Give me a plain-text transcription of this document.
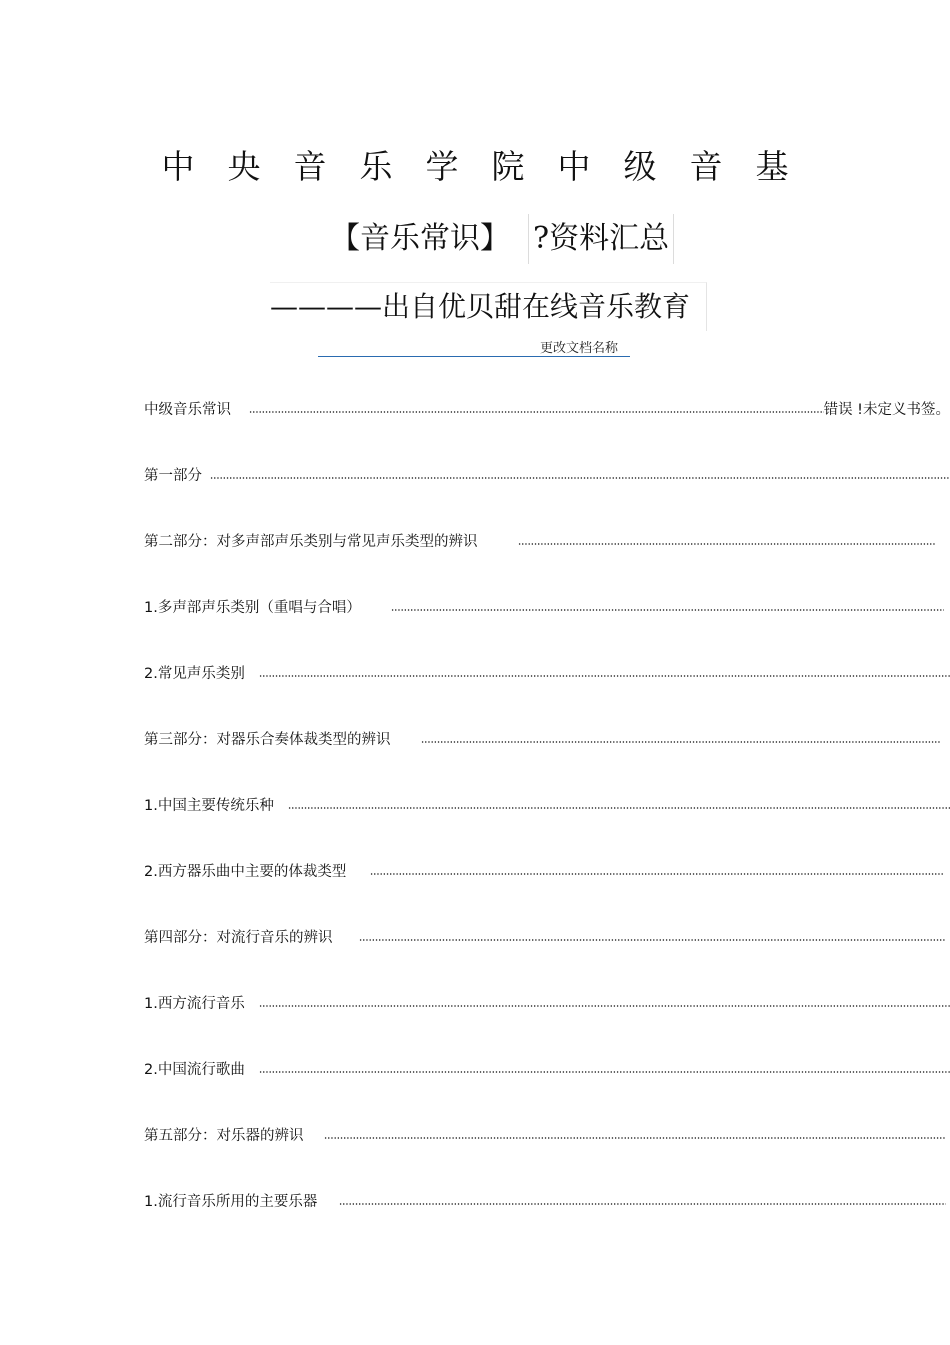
中 央 音 乐 学 院 中 级 音 基
【音乐常识】 ?资料汇总
————出自优贝甜在线音乐教育
更改文档名称
中级音乐常识	错误 !未定义书签。
第一部分
第二部分：对多声部声乐类别与常见声乐类型的辨识
1.多声部声乐类别（重唱与合唱）
2.常见声乐类别
第三部分：对器乐合奏体裁类型的辨识
1.中国主要传统乐种
2.西方器乐曲中主要的体裁类型
第四部分：对流行音乐的辨识
1.西方流行音乐
2.中国流行歌曲
第五部分：对乐器的辨识
1.流行音乐所用的主要乐器
